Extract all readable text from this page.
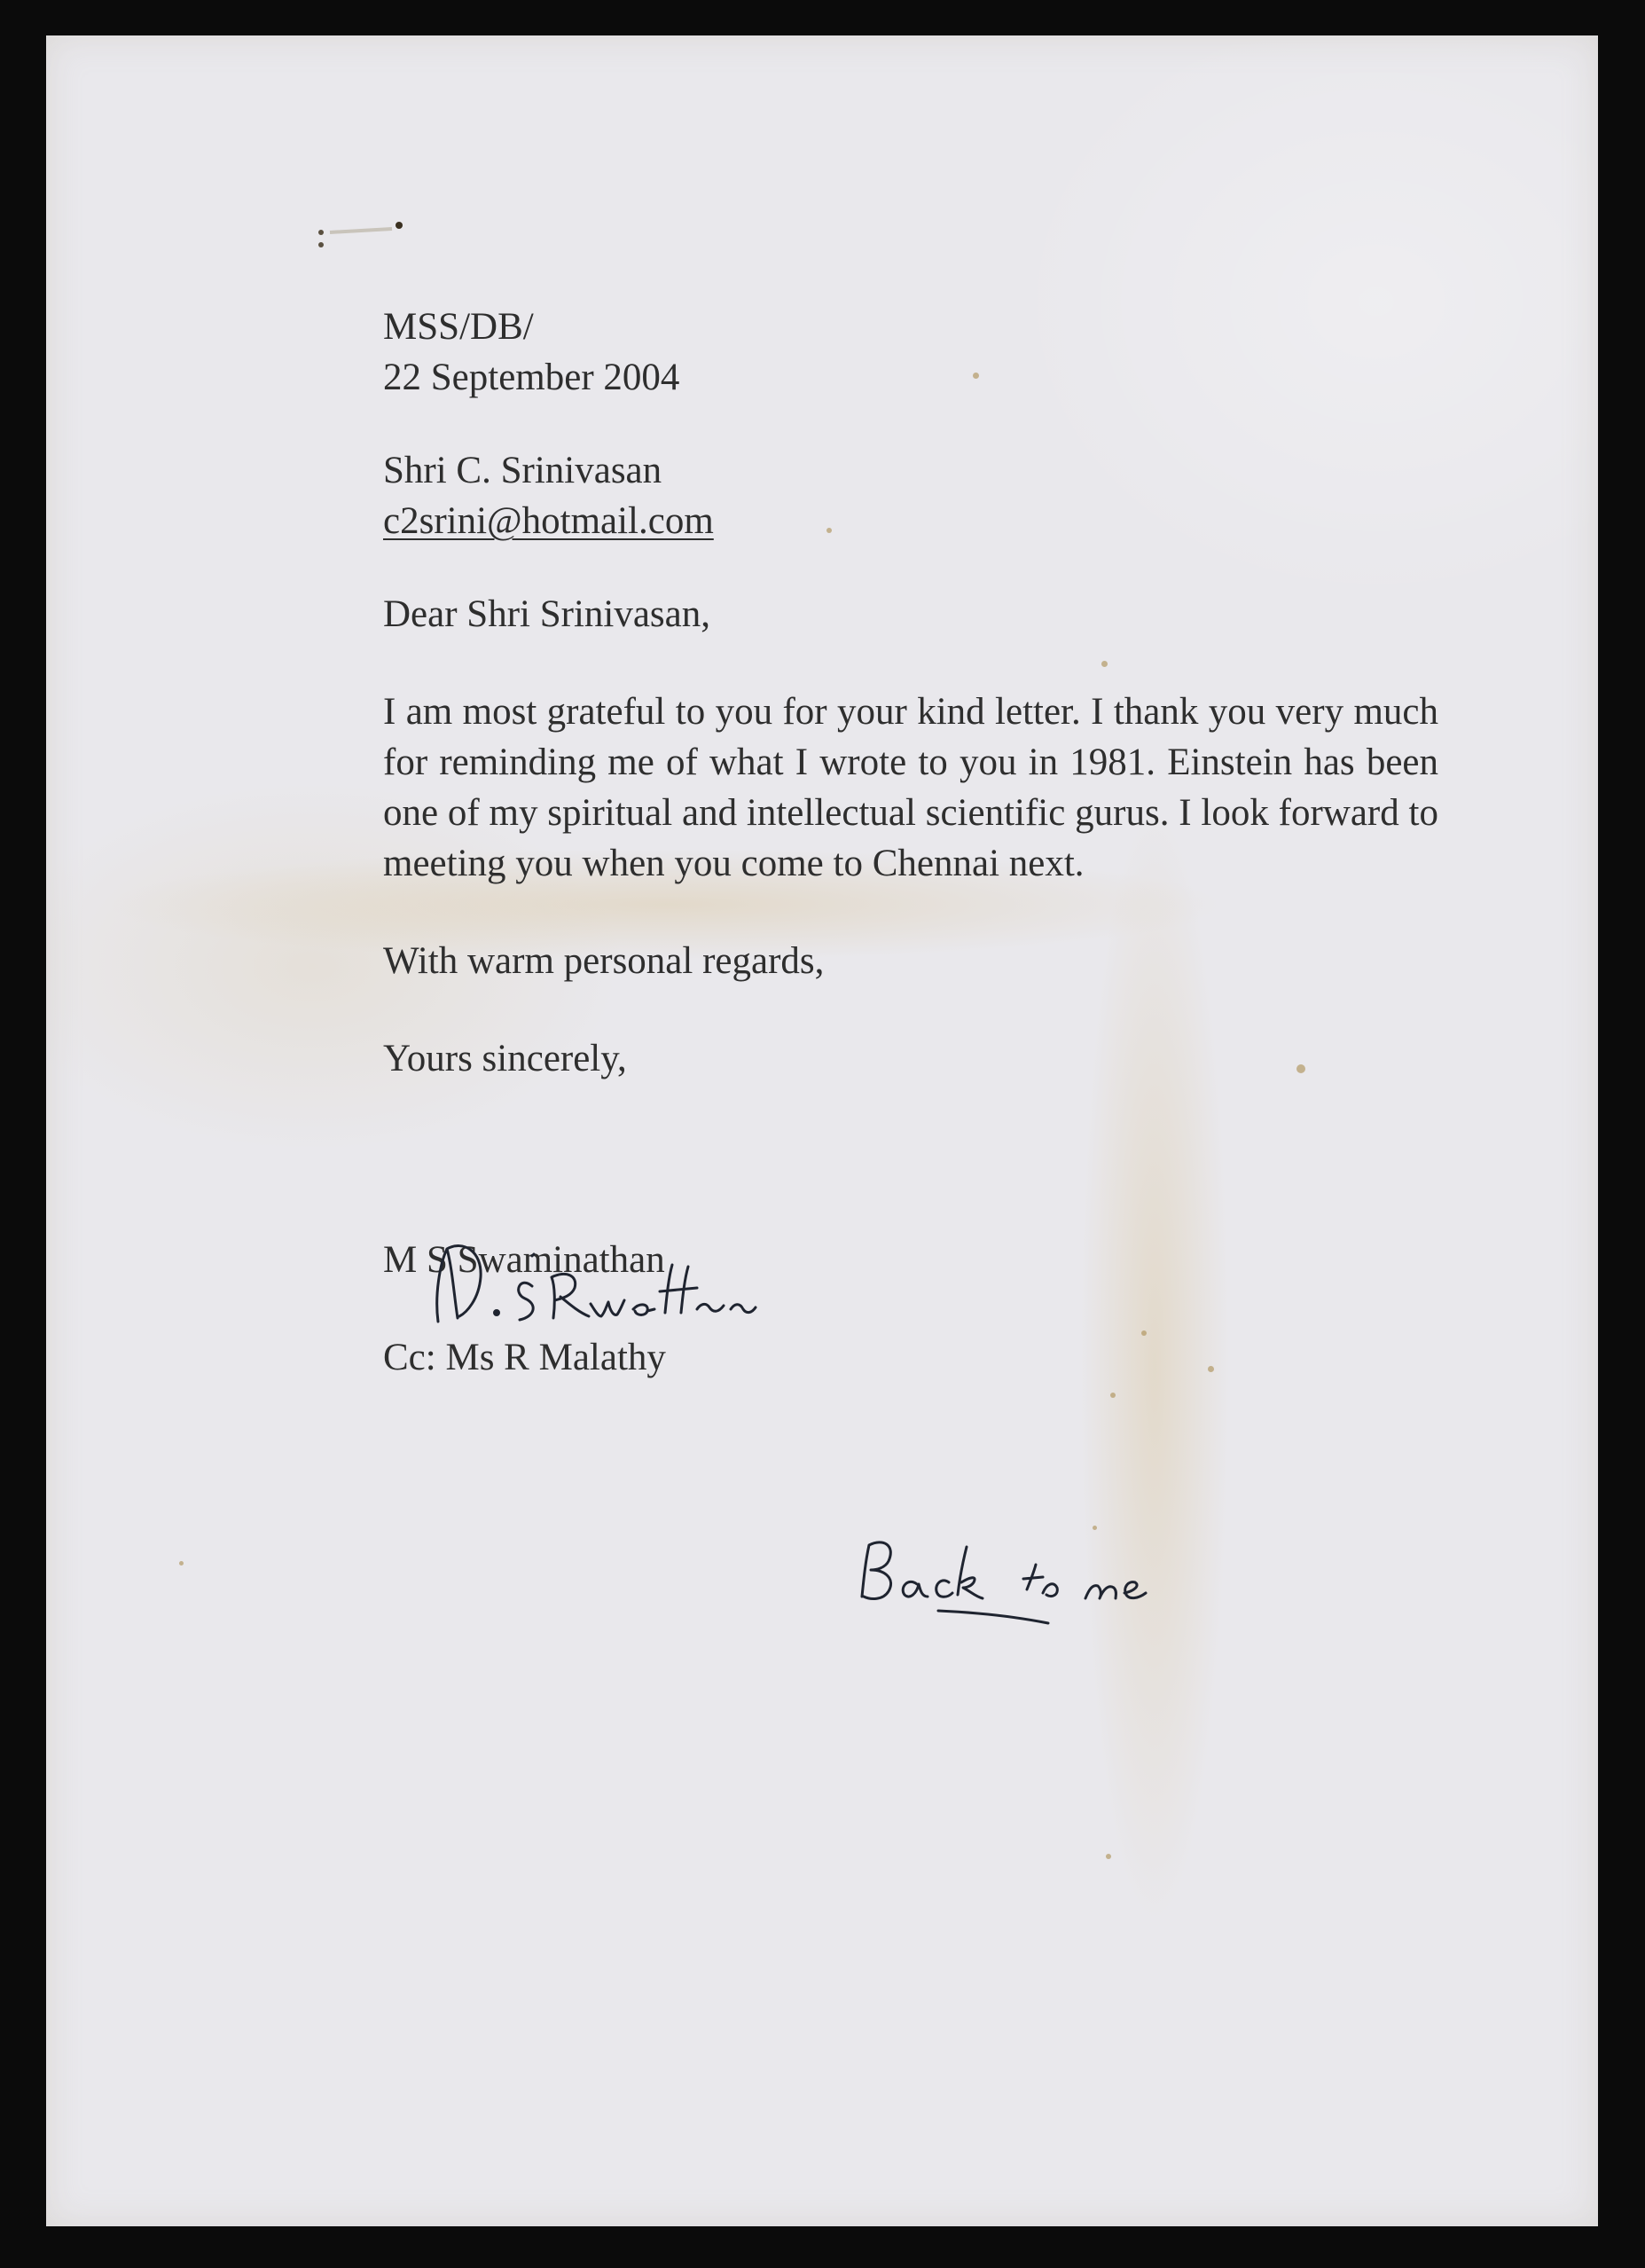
MSS/DB/
22 September 2004
Shri C. Srinivasan
c2srini@hotmail.com
Dear Shri Srinivasan,
I am most grateful to you for your kind letter. I thank you very much for reminding me of what I wrote to you in 1981. Einstein has been one of my spiritual and intellectual scientific gurus. I look forward to meeting you when you come to Chennai next.
With warm personal regards,
Yours sincerely,
M S Swaminathan
Cc: Ms R Malathy
